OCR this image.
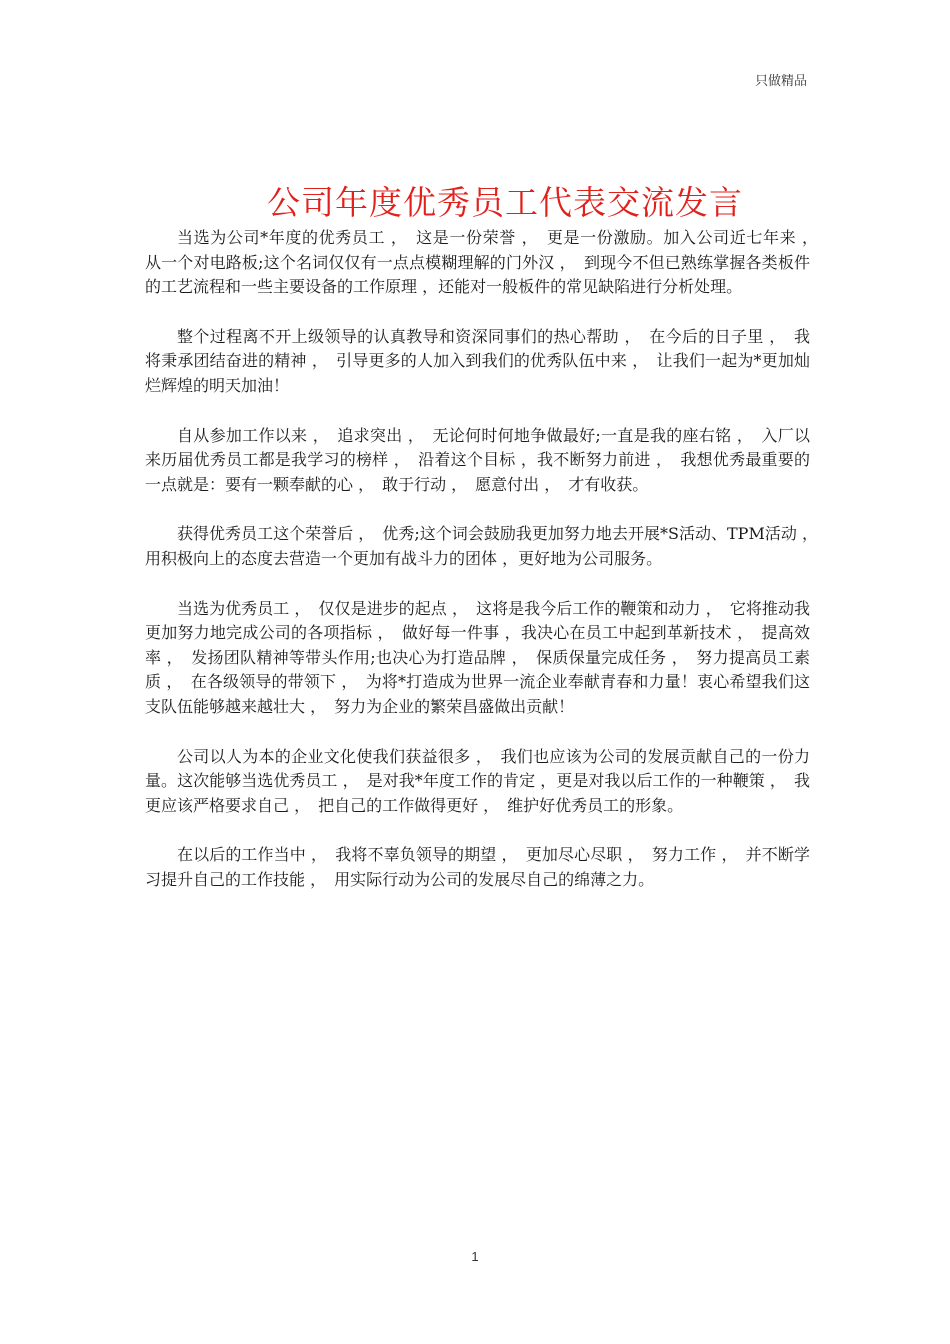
只做精品
公司年度优秀员工代表交流发言

当选为公司*年度的优秀员工 ，　这是一份荣誉 ，　更是一份激励。加入公司近七年来 ，　从一个对电路板;这个名词仅仅有一点点模糊理解的门外汉 ，　到现今不但已熟练掌握各类板件的工艺流程和一些主要设备的工作原理 ，还能对一般板件的常见缺陷进行分析处理。

整个过程离不开上级领导的认真教导和资深同事们的热心帮助 ，　在今后的日子里 ，　我将秉承团结奋进的精神 ，　引导更多的人加入到我们的优秀队伍中来 ，　让我们一起为*更加灿烂辉煌的明天加油！

自从参加工作以来 ，　追求突出 ，　无论何时何地争做最好;一直是我的座右铭 ，　入厂以来历届优秀员工都是我学习的榜样 ，　沿着这个目标 ，我不断努力前进 ，　我想优秀最重要的一点就是：要有一颗奉献的心 ，　敢于行动 ，　愿意付出 ，　才有收获。

获得优秀员工这个荣誉后 ，　优秀;这个词会鼓励我更加努力地去开展*S活动、TPM活动 ，　用积极向上的态度去营造一个更加有战斗力的团体 ，更好地为公司服务。

当选为优秀员工 ，　仅仅是进步的起点 ，　这将是我今后工作的鞭策和动力 ，　它将推动我更加努力地完成公司的各项指标 ，　做好每一件事 ，我决心在员工中起到革新技术 ，　提高效率 ，　发扬团队精神等带头作用;也决心为打造品牌 ，　保质保量完成任务 ，　努力提高员工素质 ，　在各级领导的带领下 ，　为将*打造成为世界一流企业奉献青春和力量！衷心希望我们这支队伍能够越来越壮大 ，　努力为企业的繁荣昌盛做出贡献！

公司以人为本的企业文化使我们获益很多 ，　我们也应该为公司的发展贡献自己的一份力量。这次能够当选优秀员工 ，　是对我*年度工作的肯定 ，更是对我以后工作的一种鞭策 ，　我更应该严格要求自己 ，　把自己的工作做得更好 ，　维护好优秀员工的形象。

在以后的工作当中 ，　我将不辜负领导的期望 ，　更加尽心尽职 ，　努力工作 ，　并不断学习提升自己的工作技能 ，　用实际行动为公司的发展尽自己的绵薄之力。

1
